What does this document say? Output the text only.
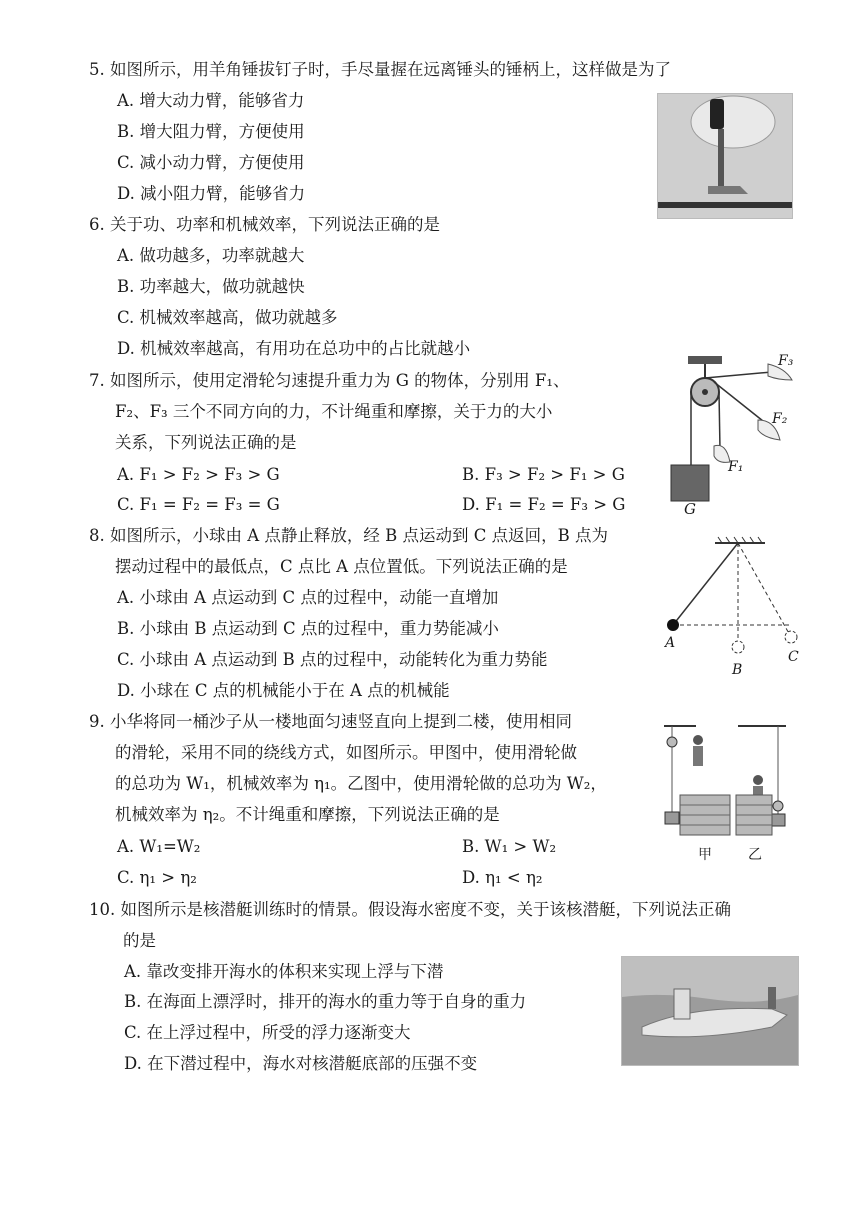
5. 如图所示，用羊角锤拔钉子时，手尽量握在远离锤头的锤柄上，这样做是为了
A. 增大动力臂，能够省力
B. 增大阻力臂，方便使用
C. 减小动力臂，方便使用
D. 减小阻力臂，能够省力
6. 关于功、功率和机械效率，下列说法正确的是
A. 做功越多，功率就越大
B. 功率越大，做功就越快
C. 机械效率越高，做功就越多
D. 机械效率越高，有用功在总功中的占比就越小
7. 如图所示，使用定滑轮匀速提升重力为 G 的物体，分别用 F₁、
F₂、F₃ 三个不同方向的力，不计绳重和摩擦，关于力的大小
关系，下列说法正确的是
A. F₁ > F₂ > F₃ > G	B. F₃ > F₂ > F₁ > G
C. F₁ = F₂ = F₃ = G	D. F₁ = F₂ = F₃ > G
F₃
F₂
F₁
G
8. 如图所示，小球由 A 点静止释放，经 B 点运动到 C 点返回，B 点为
摆动过程中的最低点，C 点比 A 点位置低。下列说法正确的是
A. 小球由 A 点运动到 C 点的过程中，动能一直增加
B. 小球由 B 点运动到 C 点的过程中，重力势能减小
C. 小球由 A 点运动到 B 点的过程中，动能转化为重力势能
D. 小球在 C 点的机械能小于在 A 点的机械能
A
B
C
9. 小华将同一桶沙子从一楼地面匀速竖直向上提到二楼，使用相同
的滑轮，采用不同的绕线方式，如图所示。甲图中，使用滑轮做
的总功为 W₁，机械效率为 η₁。乙图中，使用滑轮做的总功为 W₂，
机械效率为 η₂。不计绳重和摩擦，下列说法正确的是
A. W₁=W₂	B. W₁ > W₂
C. η₁ > η₂	D. η₁ < η₂
甲	乙
10. 如图所示是核潜艇训练时的情景。假设海水密度不变，关于该核潜艇，下列说法正确
的是
A. 靠改变排开海水的体积来实现上浮与下潜
B. 在海面上漂浮时，排开的海水的重力等于自身的重力
C. 在上浮过程中，所受的浮力逐渐变大
D. 在下潜过程中，海水对核潜艇底部的压强不变
